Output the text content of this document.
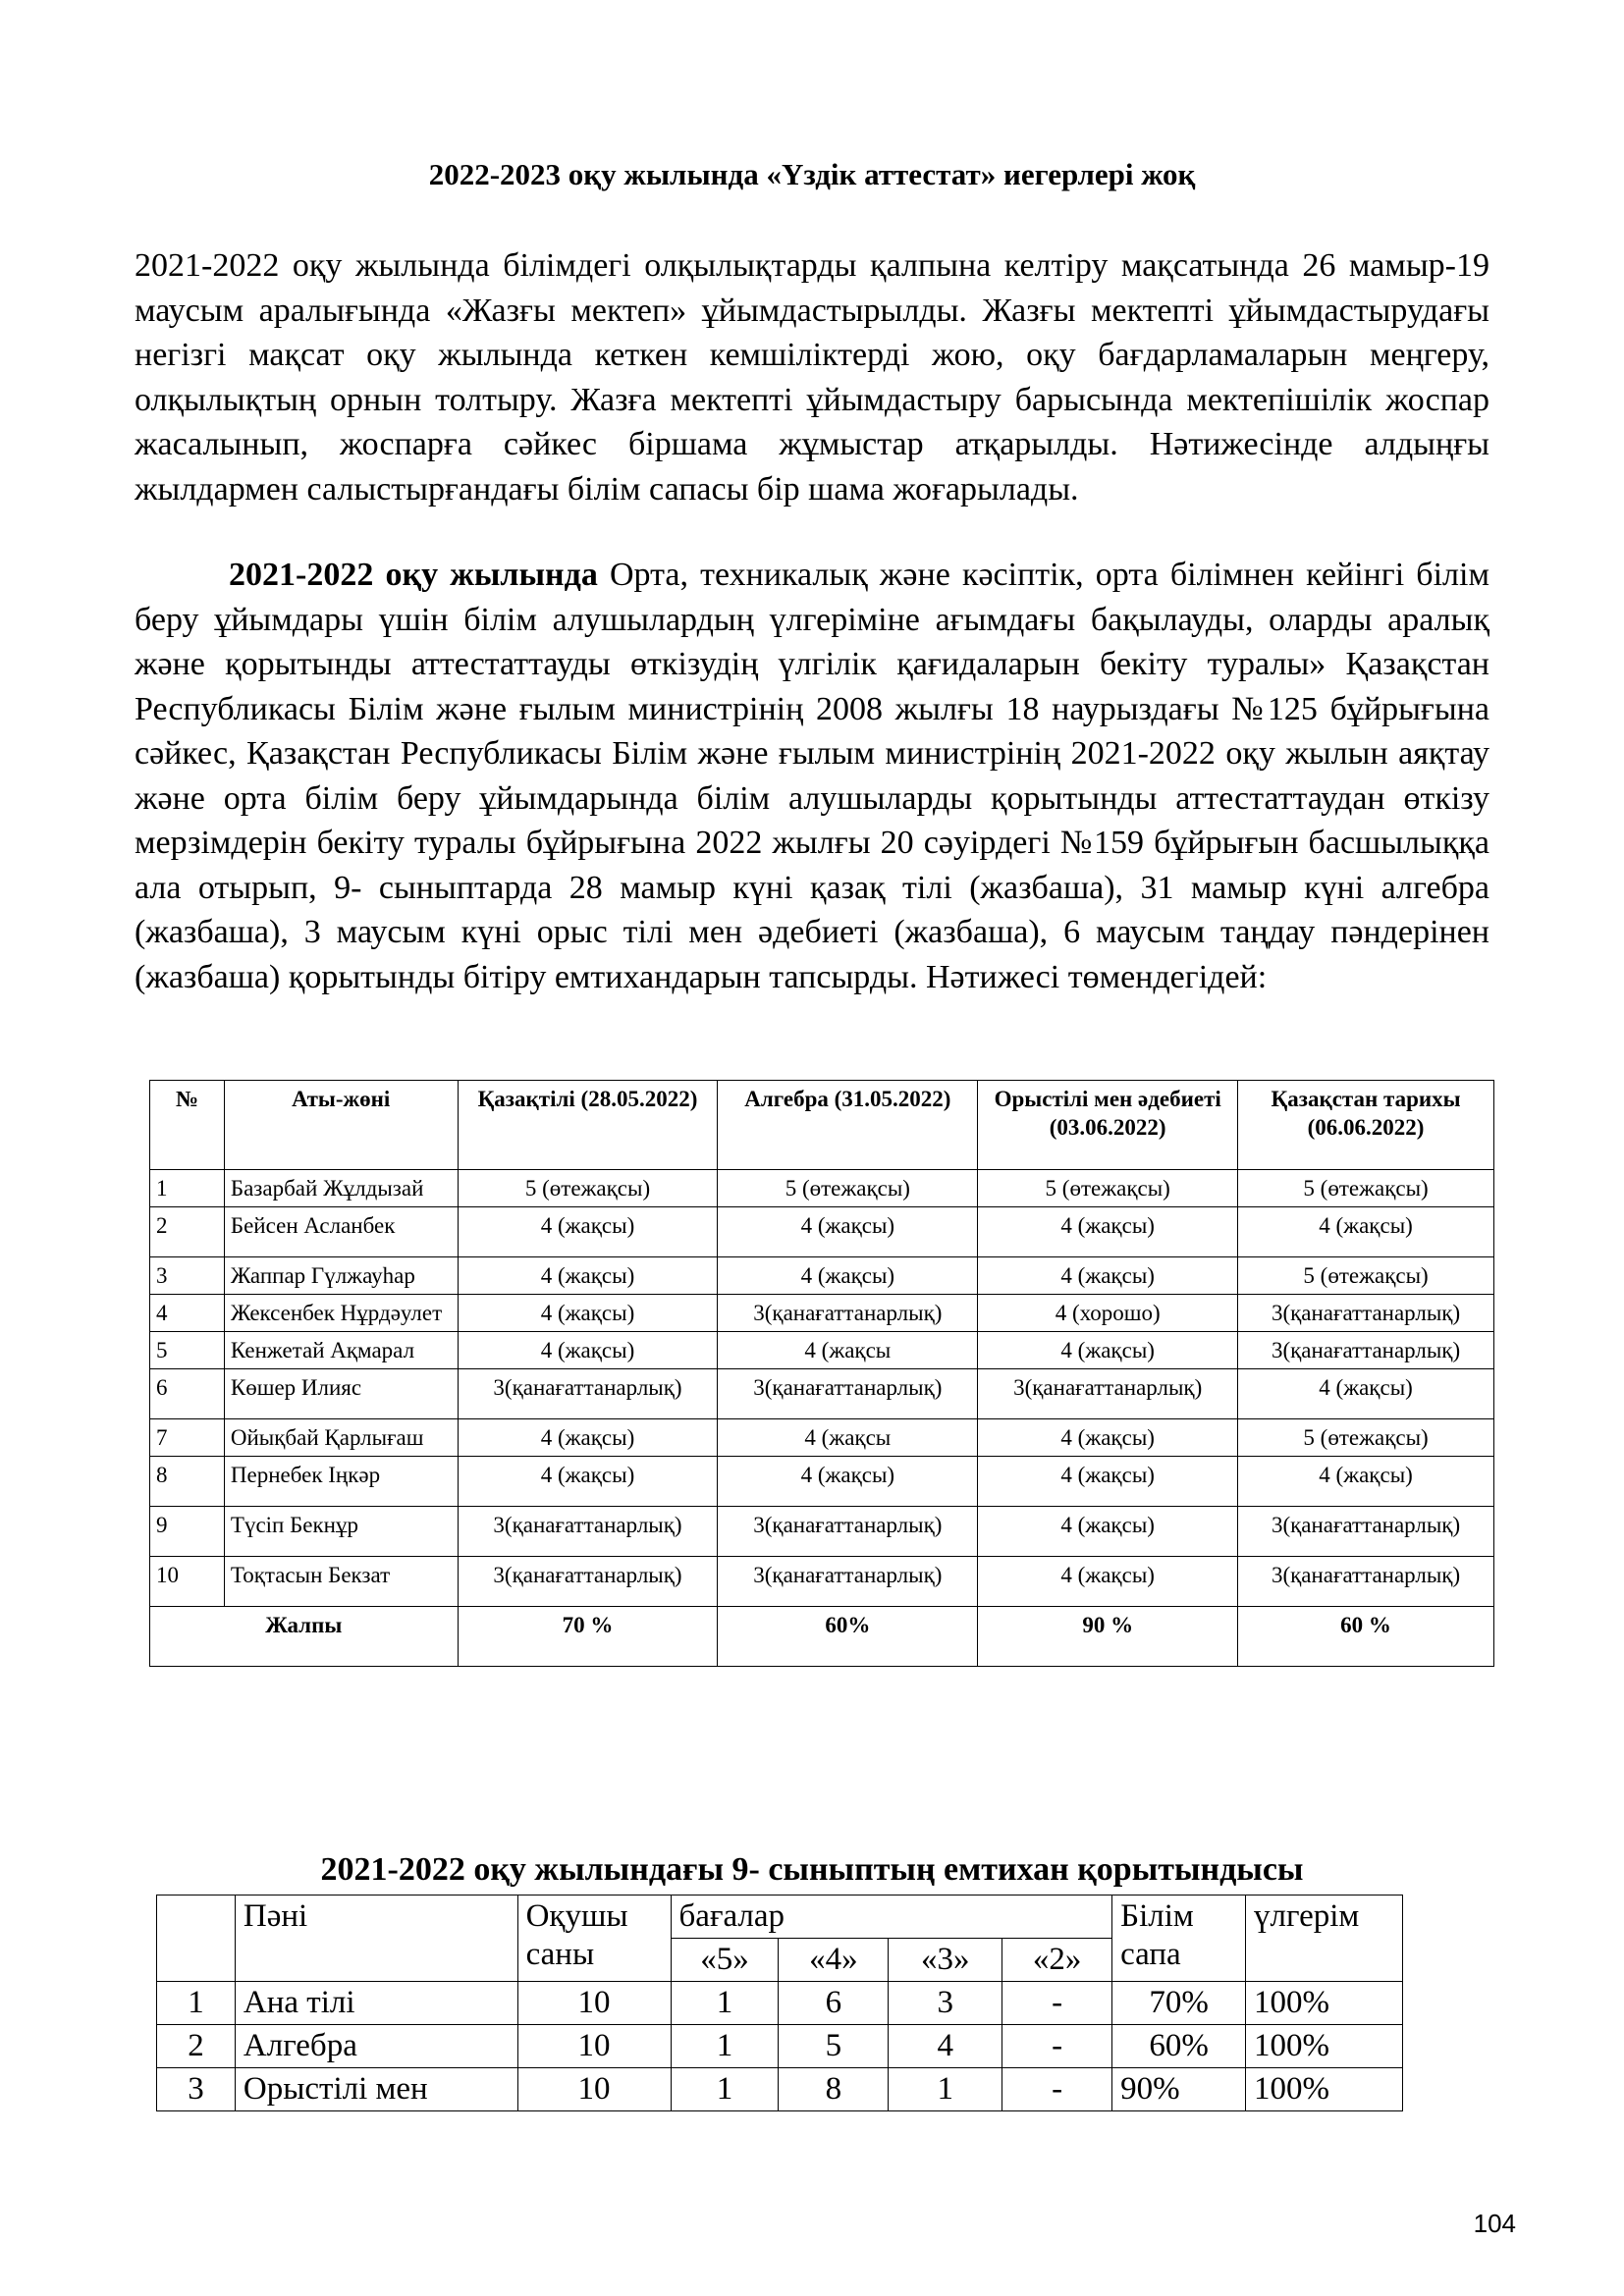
2022-2023 оқу жылында «Үздік аттестат» иегерлері жоқ
2021-2022 оқу жылында білімдегі олқылықтарды қалпына келтіру мақсатында 26 мамыр-19 маусым аралығында «Жазғы мектеп» ұйымдастырылды. Жазғы мектепті ұйымдастырудағы негізгі мақсат оқу жылында кеткен кемшіліктерді жою, оқу бағдарламаларын меңгеру, олқылықтың орнын толтыру. Жазға мектепті ұйымдастыру барысында мектепішілік жоспар жасалынып, жоспарға сәйкес біршама жұмыстар атқарылды. Нәтижесінде алдыңғы жылдармен салыстырғандағы білім сапасы бір шама жоғарылады.
2021-2022 оқу жылында Орта, техникалық және кәсіптік, орта білімнен кейінгі білім беру ұйымдары үшін білім алушылардың үлгеріміне ағымдағы бақылауды, оларды аралық және қорытынды аттестаттауды өткізудің үлгілік қағидаларын бекіту туралы» Қазақстан Республикасы Білім және ғылым министрінің 2008 жылғы 18 наурыздағы №125 бұйрығына сәйкес, Қазақстан Республикасы Білім және ғылым министрінің 2021-2022 оқу жылын аяқтау және орта білім беру ұйымдарында білім алушыларды қорытынды аттестаттаудан өткізу мерзімдерін бекіту туралы бұйрығына 2022 жылғы 20 сәуірдегі №159 бұйрығын басшылыққа ала отырып, 9- сыныптарда 28 мамыр күні қазақ тілі (жазбаша), 31 мамыр күні алгебра (жазбаша), 3 маусым күні орыс тілі мен әдебиеті (жазбаша), 6 маусым таңдау пәндерінен (жазбаша) қорытынды бітіру емтихандарын тапсырды. Нәтижесі төмендегідей:
№	Аты-жөні	Қазақтілі (28.05.2022)	Алгебра (31.05.2022)	Орыстілі мен әдебиеті (03.06.2022)	Қазақстан тарихы (06.06.2022)
1	Базарбай Жұлдызай	5 (өтежақсы)	5 (өтежақсы)	5 (өтежақсы)	5 (өтежақсы)
2	Бейсен Асланбек	4 (жақсы)	4 (жақсы)	4 (жақсы)	4 (жақсы)
3	Жаппар Гүлжауһар	4 (жақсы)	4 (жақсы)	4 (жақсы)	5 (өтежақсы)
4	Жексенбек Нұрдәулет	4 (жақсы)	3(қанағаттанарлық)	4 (хорошо)	3(қанағаттанарлық)
5	Кенжетай Ақмарал	4 (жақсы)	4 (жақсы	4 (жақсы)	3(қанағаттанарлық)
6	Көшер Илияс	3(қанағаттанарлық)	3(қанағаттанарлық)	3(қанағаттанарлық)	4 (жақсы)
7	Ойықбай Қарлығаш	4 (жақсы)	4 (жақсы	4 (жақсы)	5 (өтежақсы)
8	Пернебек Іңкәр	4 (жақсы)	4 (жақсы)	4 (жақсы)	4 (жақсы)
9	Түсіп Бекнұр	3(қанағаттанарлық)	3(қанағаттанарлық)	4 (жақсы)	3(қанағаттанарлық)
10	Тоқтасын Бекзат	3(қанағаттанарлық)	3(қанағаттанарлық)	4 (жақсы)	3(қанағаттанарлық)
Жалпы		70 %	60%	90 %	60 %
2021-2022 оқу жылындағы 9- сыныптың емтихан қорытындысы
	Пәні	Оқушы саны	бағалар				Білім сапа	үлгерім
			«5»	«4»	«3»	«2»		
1	Ана тілі	10	1	6	3	-	70%	100%
2	Алгебра	10	1	5	4	-	60%	100%
3	Орыстілі мен	10	1	8	1	-	90%	100%
104
